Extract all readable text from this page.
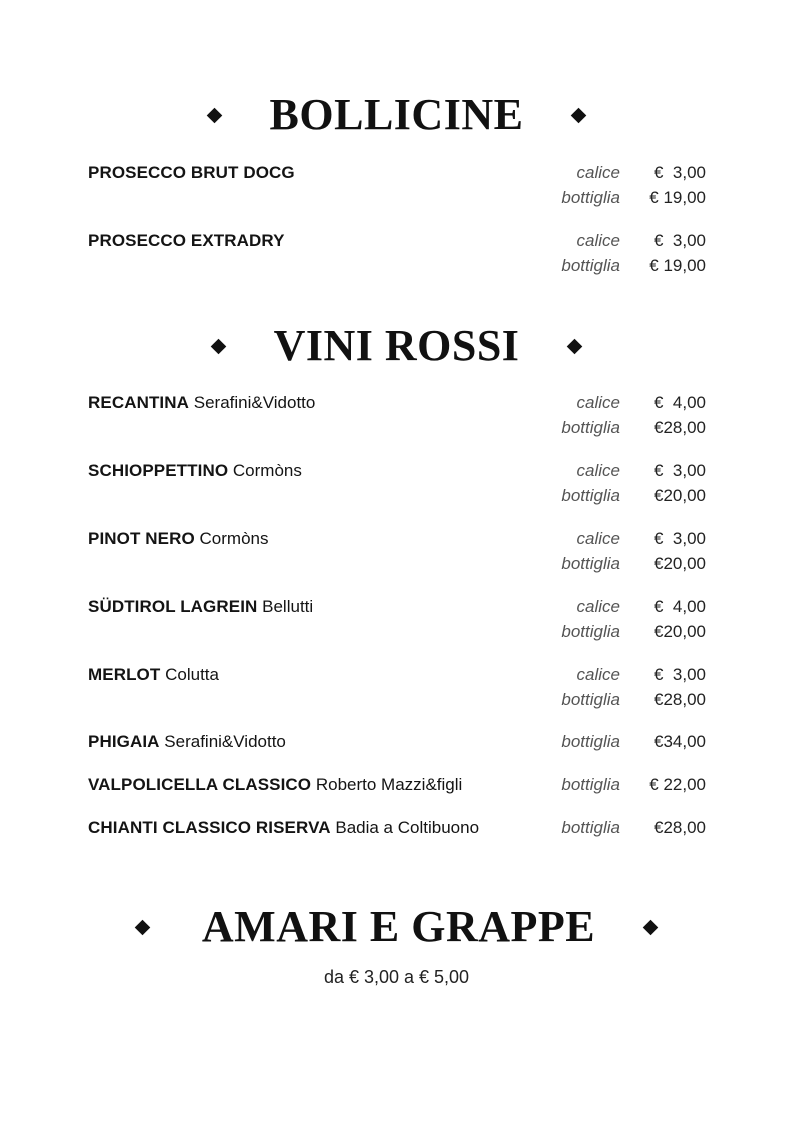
BOLLICINE
PROSECCO BRUT DOCG	calice €  3,00
bottiglia € 19,00
PROSECCO EXTRADRY	calice €  3,00
bottiglia € 19,00
VINI ROSSI
RECANTINA Serafini&Vidotto	calice €  4,00
bottiglia €28,00
SCHIOPPETTINO Cormòns	calice €  3,00
bottiglia €20,00
PINOT NERO Cormòns	calice €  3,00
bottiglia €20,00
SÜDTIROL LAGREIN Bellutti	calice €  4,00
bottiglia €20,00
MERLOT Colutta	calice €  3,00
bottiglia €28,00
PHIGAIA Serafini&Vidotto	bottiglia €34,00
VALPOLICELLA CLASSICO Roberto Mazzi&figli	bottiglia € 22,00
CHIANTI CLASSICO RISERVA Badia a Coltibuono	bottiglia €28,00
AMARI E GRAPPE
da € 3,00 a € 5,00
